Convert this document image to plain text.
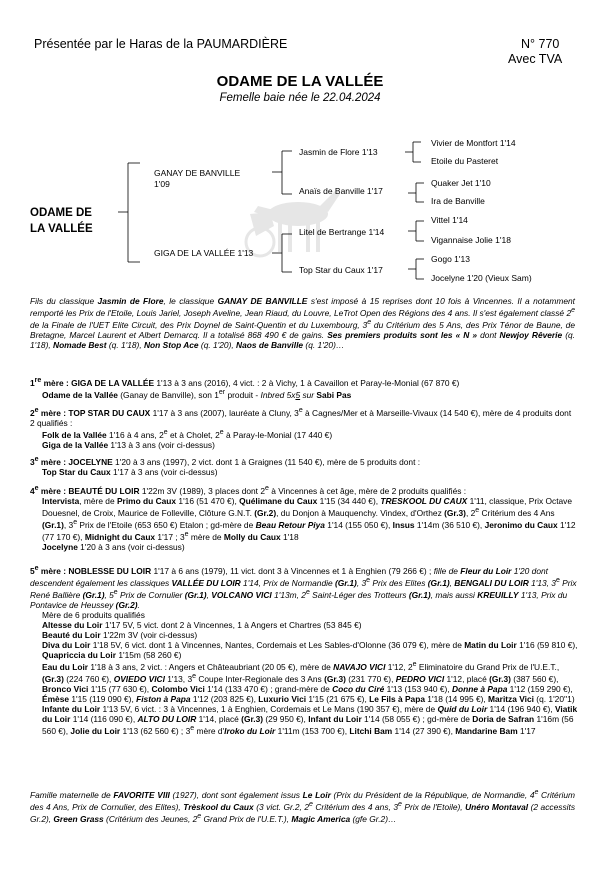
Présentée par le Haras de la PAUMARDIÈRE	N° 770
Avec TVA
ODAME DE LA VALLÉE
Femelle baie née le 22.04.2024
ODAME DE
LA VALLÉE
GANAY DE BANVILLE
1'09
GIGA DE LA VALLÉE 1'13
Jasmin de Flore 1'13
Anaïs de Banville 1'17
Litel de Bertrange 1'14
Top Star du Caux 1'17
Vivier de Montfort 1'14
Etoile du Pasteret
Quaker Jet 1'10
Ira de Banville
Vittel 1'14
Vigannaise Jolie 1'18
Gogo 1'13
Jocelyne 1'20 (Vieux Sam)
Fils du classique Jasmin de Flore, le classique GANAY DE BANVILLE s'est imposé à 15 reprises dont 10 fois à Vincennes. Il a notamment remporté les Prix de l'Etoile, Louis Jariel, Joseph Aveline, Jean Riaud, du Louvre, LeTrot Open des Régions des 4 ans. Il s'est également classé 2e de la Finale de l'UET Elite Circuit, des Prix Doynel de Saint-Quentin et du Luxembourg, 3e du Critérium des 5 Ans, des Prix Ténor de Baune, de Bretagne, Marcel Laurent et Albert Demarcq. Il a totalisé 868 490 € de gains. Ses premiers produits sont les « N » dont Newjoy Rêverie (q. 1'18), Nomade Best (q. 1'18), Non Stop Ace (q. 1'20), Naos de Banville (q. 1'20)…

1re mère : GIGA DE LA VALLÉE 1'13 à 3 ans (2016), 4 vict. : 2 à Vichy, 1 à Cavaillon et Paray-le-Monial (67 870 €)

Odame de la Vallée (Ganay de Banville), son 1er produit - Inbred 5x5 sur Sabi Pas

2e mère : TOP STAR DU CAUX 1'17 à 3 ans (2007), lauréate à Cluny, 3e à Cagnes/Mer et à Marseille-Vivaux (14 540 €), mère de 4 produits dont 2 qualifiés :

Folk de la Vallée 1'16 à 4 ans, 2e et à Cholet, 2e à Paray-le-Monial (17 440 €)

Giga de la Vallée 1'13 à 3 ans (voir ci-dessus)

3e mère : JOCELYNE 1'20 à 3 ans (1997), 2 vict. dont 1 à Graignes (11 540 €), mère de 5 produits dont :

Top Star du Caux 1'17 à 3 ans (voir ci-dessus)

4e mère : BEAUTÉ DU LOIR 1'22m 3V (1989), 3 places dont 2e à Vincennes à cet âge, mère de 2 produits qualifiés :

Intervista, mère de Primo du Caux 1'16 (51 470 €), Quélimane du Caux 1'15 (34 440 €), TRESKOOL DU CAUX 1'11, classique, Prix Octave Douesnel, de Croix, Maurice de Folleville, Clôture G.N.T. (Gr.2), du Donjon à Mauquenchy. Vindex, d'Orthez (Gr.3), 2e Critérium des 4 Ans (Gr.1), 3e Prix de l'Etoile (653 650 €) Etalon ; gd-mère de Beau Retour Piya 1'14 (155 050 €), Insus 1'14m (36 510 €), Jeronimo du Caux 1'12 (77 170 €), Midnight du Caux 1'17 ; 3e mère de Molly du Caux 1'18

Jocelyne 1'20 à 3 ans (voir ci-dessus)

5e mère : NOBLESSE DU LOIR 1'17 à 6 ans (1979), 11 vict. dont 3 à Vincennes et 1 à Enghien (79 266 €) ; fille de Fleur du Loir 1'20 dont descendent également les classiques VALLÉE DU LOIR 1'14, Prix de Normandie (Gr.1), 3e Prix des Elites (Gr.1), BENGALI DU LOIR 1'13, 3e Prix René Ballière (Gr.1), 5e Prix de Cornulier (Gr.1), VOLCANO VICI 1'13m, 2e Saint-Léger des Trotteurs (Gr.1), mais aussi KREUILLY 1'13, Prix du Pontavice de Heussey (Gr.2).

Mère de 6 produits qualifiés

Altesse du Loir 1'17 5V, 5 vict. dont 2 à Vincennes, 1 à Angers et Chartres (53 845 €)

Beauté du Loir 1'22m 3V (voir ci-dessus)

Diva du Loir 1'18 5V, 6 vict. dont 1 à Vincennes, Nantes, Cordemais et Les Sables-d'Olonne (36 079 €), mère de Matin du Loir 1'16 (59 810 €), Quapriccia du Loir 1'15m (58 260 €)

Eau du Loir 1'18 à 3 ans, 2 vict. : Angers et Châteaubriant (20 05 €), mère de NAVAJO VICI 1'12, 2e Eliminatoire du Grand Prix de l'U.E.T., (Gr.3) (224 760 €), OVIEDO VICI 1'13, 3e Coupe Inter-Regionale des 3 Ans (Gr.3) (231 770 €), PEDRO VICI 1'12, placé (Gr.3) (387 560 €), Bronco Vici 1'15 (77 630 €), Colombo Vici 1'14 (133 470 €) ; grand-mère de Coco du Ciré 1'13 (153 940 €), Donne à Papa 1'12 (159 290 €), Émèse 1'15 (119 090 €), Fiston à Papa 1'12 (203 825 €), Luxurio Vici 1'15 (21 675 €), Le Fils à Papa 1'18 (14 995 €), Maritza Vici (q. 1'20''1)

Infante du Loir 1'13 5V, 6 vict. : 3 à Vincennes, 1 à Enghien, Cordemais et Le Mans (190 357 €), mère de Quid du Loir 1'14 (196 940 €), Viatik du Loir 1'14 (116 090 €), ALTO DU LOIR 1'14, placé (Gr.3) (29 950 €), Infant du Loir 1'14 (58 055 €) ; gd-mère de Doria de Safran 1'16m (56 560 €), Jolie du Loir 1'13 (62 560 €) ; 3e mère d'Iroko du Loir 1'11m (153 700 €), Litchi Bam 1'14 (27 390 €), Mandarine Bam 1'17

Famille maternelle de FAVORITE VIII (1927), dont sont également issus Le Loir (Prix du Président de la République, de Normandie, 4e Critérium des 4 Ans, Prix de Cornulier, des Elites), Trèskool du Caux (3 vict. Gr.2, 2e Critérium des 4 ans, 3e Prix de l'Etoile), Unéro Montaval (2 accessits Gr.2), Green Grass (Critérium des Jeunes, 2e Grand Prix de l'U.E.T.), Magic America (gfe Gr.2)…
